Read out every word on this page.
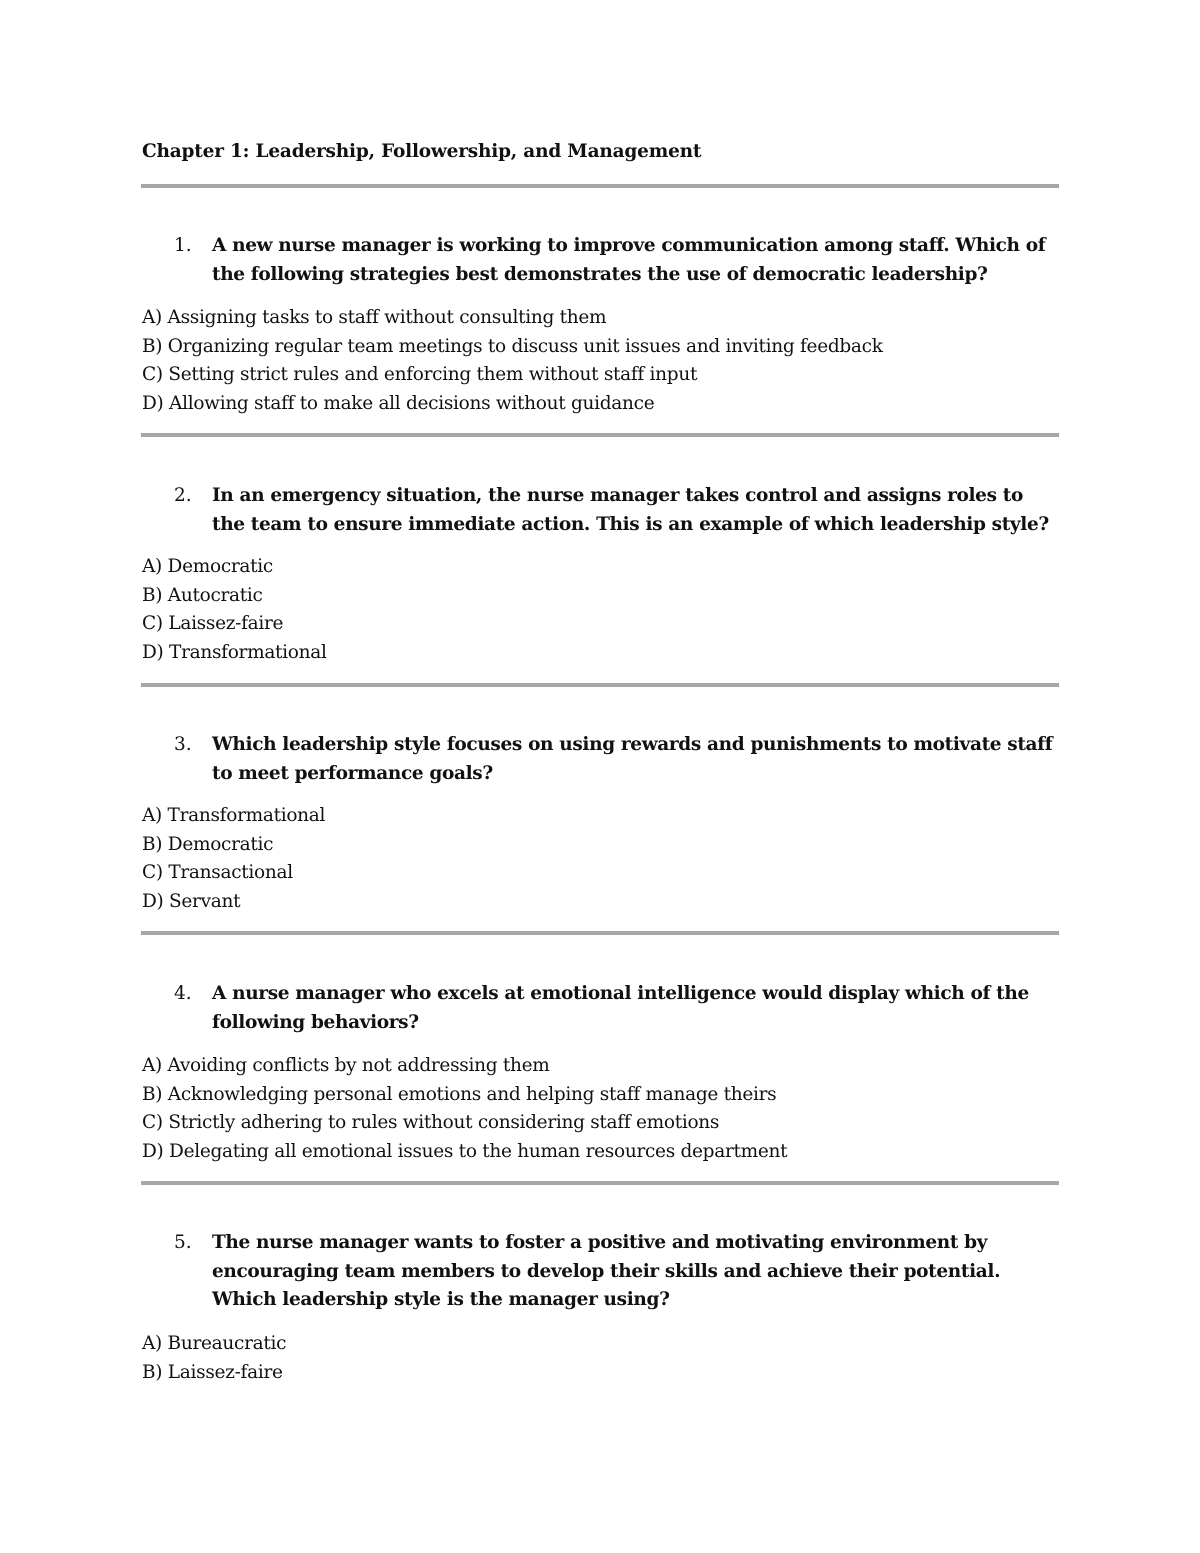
Chapter 1: Leadership, Followership, and Management
1. A new nurse manager is working to improve communication among staff. Which of the following strategies best demonstrates the use of democratic leadership?
A) Assigning tasks to staff without consulting them
B) Organizing regular team meetings to discuss unit issues and inviting feedback
C) Setting strict rules and enforcing them without staff input
D) Allowing staff to make all decisions without guidance
2. In an emergency situation, the nurse manager takes control and assigns roles to the team to ensure immediate action. This is an example of which leadership style?
A) Democratic
B) Autocratic
C) Laissez-faire
D) Transformational
3. Which leadership style focuses on using rewards and punishments to motivate staff to meet performance goals?
A) Transformational
B) Democratic
C) Transactional
D) Servant
4. A nurse manager who excels at emotional intelligence would display which of the following behaviors?
A) Avoiding conflicts by not addressing them
B) Acknowledging personal emotions and helping staff manage theirs
C) Strictly adhering to rules without considering staff emotions
D) Delegating all emotional issues to the human resources department
5. The nurse manager wants to foster a positive and motivating environment by encouraging team members to develop their skills and achieve their potential. Which leadership style is the manager using?
A) Bureaucratic
B) Laissez-faire
